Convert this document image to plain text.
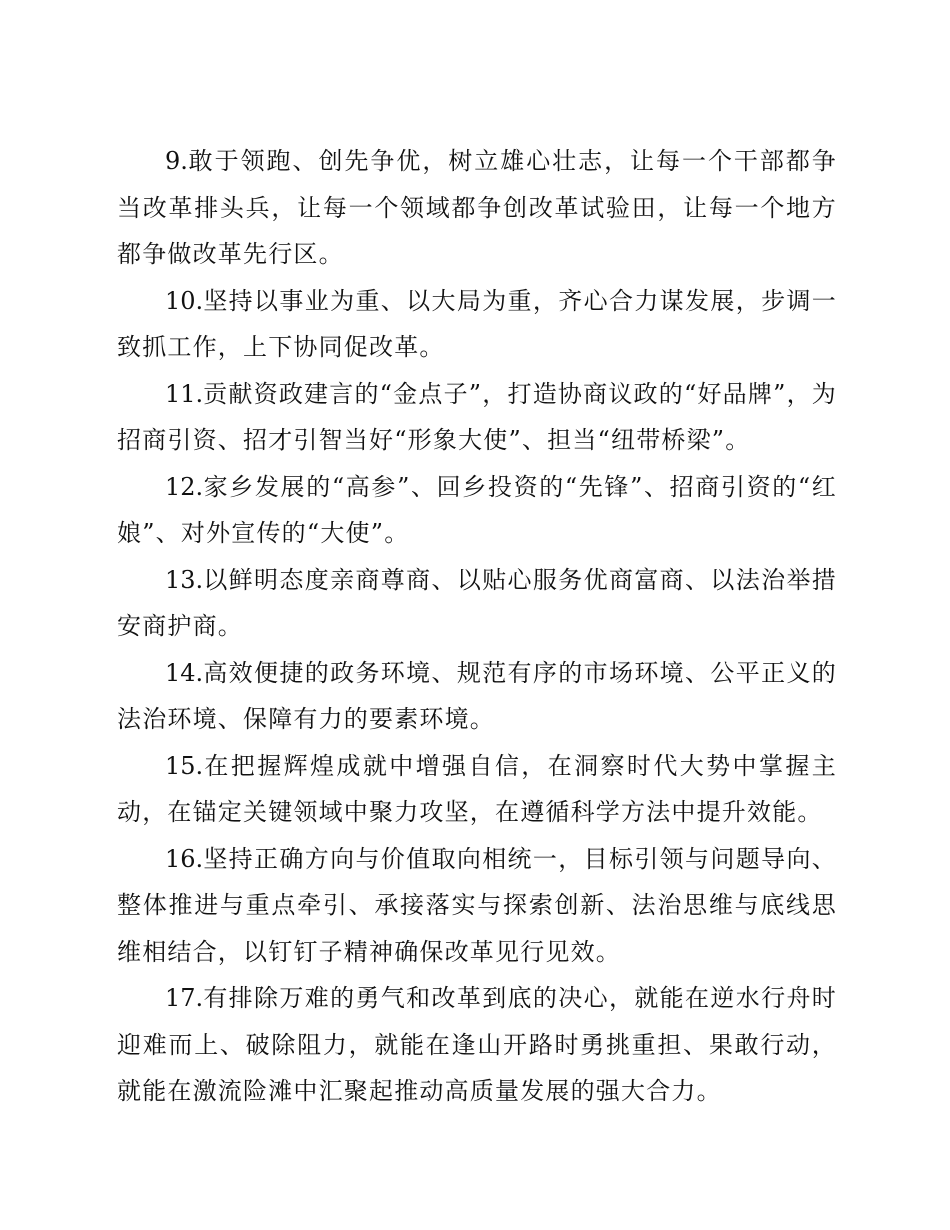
9.敢于领跑、创先争优，树立雄心壮志，让每一个干部都争当改革排头兵，让每一个领域都争创改革试验田，让每一个地方都争做改革先行区。

10.坚持以事业为重、以大局为重，齐心合力谋发展，步调一致抓工作，上下协同促改革。

11.贡献资政建言的“金点子”，打造协商议政的“好品牌”，为招商引资、招才引智当好“形象大使”、担当“纽带桥梁”。

12.家乡发展的“高参”、回乡投资的“先锋”、招商引资的“红娘”、对外宣传的“大使”。

13.以鲜明态度亲商尊商、以贴心服务优商富商、以法治举措安商护商。

14.高效便捷的政务环境、规范有序的市场环境、公平正义的法治环境、保障有力的要素环境。

15.在把握辉煌成就中增强自信，在洞察时代大势中掌握主动，在锚定关键领域中聚力攻坚，在遵循科学方法中提升效能。

16.坚持正确方向与价值取向相统一，目标引领与问题导向、整体推进与重点牵引、承接落实与探索创新、法治思维与底线思维相结合，以钉钉子精神确保改革见行见效。

17.有排除万难的勇气和改革到底的决心，就能在逆水行舟时迎难而上、破除阻力，就能在逢山开路时勇挑重担、果敢行动，就能在激流险滩中汇聚起推动高质量发展的强大合力。
